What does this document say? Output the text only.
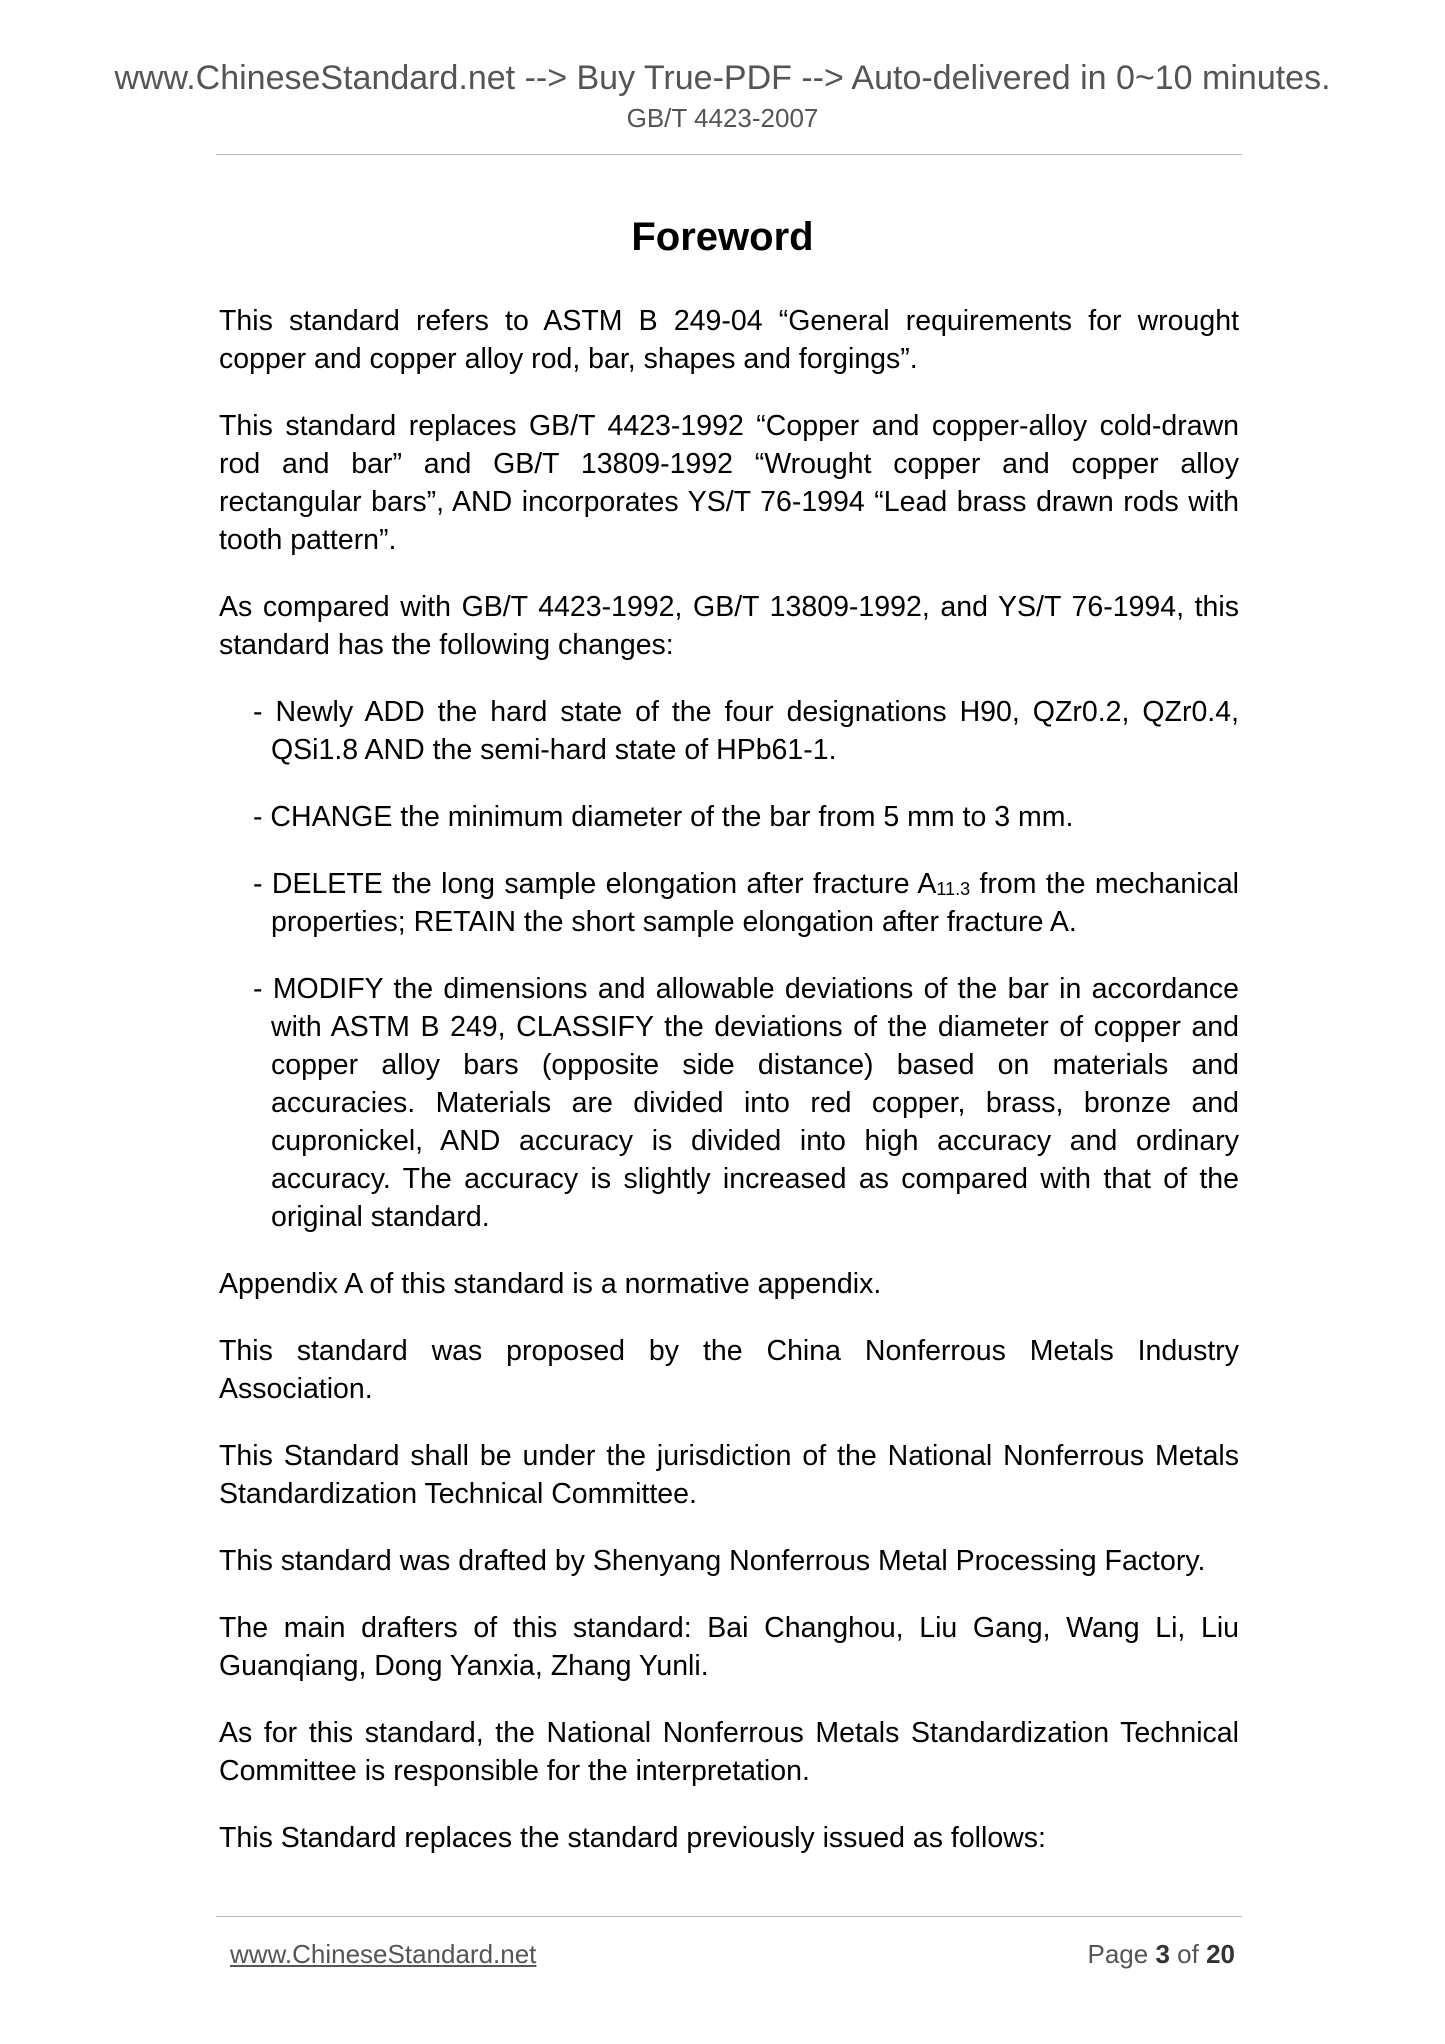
www.ChineseStandard.net --> Buy True-PDF --> Auto-delivered in 0~10 minutes.
GB/T 4423-2007
Foreword

This standard refers to ASTM B 249-04 “General requirements for wrought copper and copper alloy rod, bar, shapes and forgings”.

This standard replaces GB/T 4423-1992 “Copper and copper-alloy cold-drawn rod and bar” and GB/T 13809-1992 “Wrought copper and copper alloy rectangular bars”, AND incorporates YS/T 76-1994 “Lead brass drawn rods with tooth pattern”.

As compared with GB/T 4423-1992, GB/T 13809-1992, and YS/T 76-1994, this standard has the following changes:

- Newly ADD the hard state of the four designations H90, QZr0.2, QZr0.4, QSi1.8 AND the semi-hard state of HPb61-1.

- CHANGE the minimum diameter of the bar from 5 mm to 3 mm.

- DELETE the long sample elongation after fracture $A_{11.3}$ from the mechanical properties; RETAIN the short sample elongation after fracture A.

- MODIFY the dimensions and allowable deviations of the bar in accordance with ASTM B 249, CLASSIFY the deviations of the diameter of copper and copper alloy bars (opposite side distance) based on materials and accuracies. Materials are divided into red copper, brass, bronze and cupronickel, AND accuracy is divided into high accuracy and ordinary accuracy. The accuracy is slightly increased as compared with that of the original standard.

Appendix A of this standard is a normative appendix.

This standard was proposed by the China Nonferrous Metals Industry Association.

This Standard shall be under the jurisdiction of the National Nonferrous Metals Standardization Technical Committee.

This standard was drafted by Shenyang Nonferrous Metal Processing Factory.

The main drafters of this standard: Bai Changhou, Liu Gang, Wang Li, Liu Guanqiang, Dong Yanxia, Zhang Yunli.

As for this standard, the National Nonferrous Metals Standardization Technical Committee is responsible for the interpretation.

This Standard replaces the standard previously issued as follows:

www.ChineseStandard.net	Page 3 of 20
